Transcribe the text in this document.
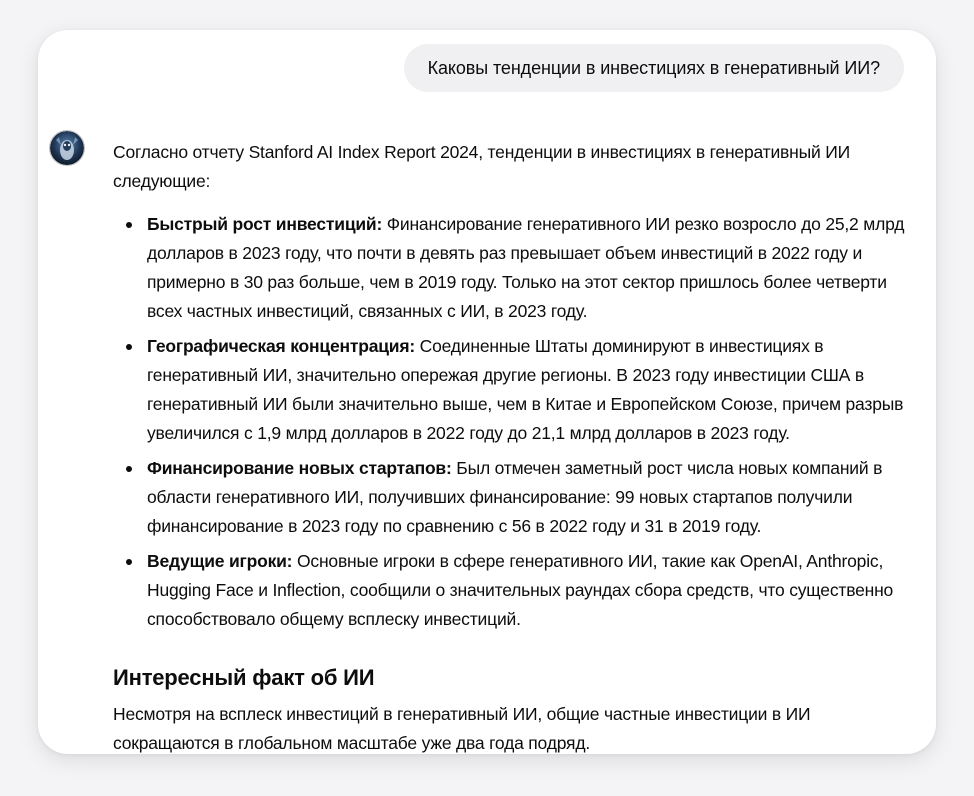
Каковы тенденции в инвестициях в генеративный ИИ?

Согласно отчету Stanford AI Index Report 2024, тенденции в инвестициях в генеративный ИИ следующие:

Быстрый рост инвестиций: Финансирование генеративного ИИ резко возросло до 25,2 млрд долларов в 2023 году, что почти в девять раз превышает объем инвестиций в 2022 году и примерно в 30 раз больше, чем в 2019 году. Только на этот сектор пришлось более четверти всех частных инвестиций, связанных с ИИ, в 2023 году.
Географическая концентрация: Соединенные Штаты доминируют в инвестициях в генеративный ИИ, значительно опережая другие регионы. В 2023 году инвестиции США в генеративный ИИ были значительно выше, чем в Китае и Европейском Союзе, причем разрыв увеличился с 1,9 млрд долларов в 2022 году до 21,1 млрд долларов в 2023 году.
Финансирование новых стартапов: Был отмечен заметный рост числа новых компаний в области генеративного ИИ, получивших финансирование: 99 новых стартапов получили финансирование в 2023 году по сравнению с 56 в 2022 году и 31 в 2019 году.
Ведущие игроки: Основные игроки в сфере генеративного ИИ, такие как OpenAI, Anthropic, Hugging Face и Inflection, сообщили о значительных раундах сбора средств, что существенно способствовало общему всплеску инвестиций.
Интересный факт об ИИ

Несмотря на всплеск инвестиций в генеративный ИИ, общие частные инвестиции в ИИ сокращаются в глобальном масштабе уже два года подряд.
